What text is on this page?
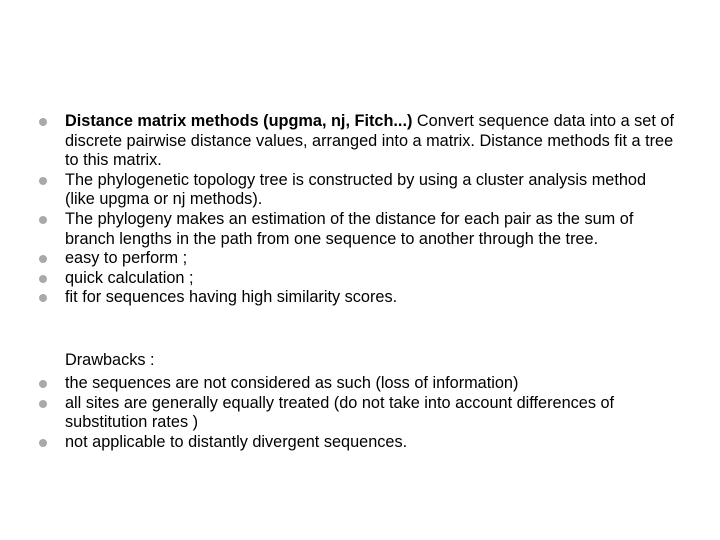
Distance matrix methods (upgma, nj, Fitch...) Convert sequence data into a set of discrete pairwise distance values, arranged into a matrix. Distance methods fit a tree to this matrix.
The phylogenetic topology tree is constructed by using a cluster analysis method (like upgma or nj methods).
The phylogeny makes an estimation of the distance for each pair as the sum of branch lengths in the path from one sequence to another through the tree.
easy to perform ;
quick calculation ;
fit for sequences having high similarity scores.

Drawbacks :

the sequences are not considered as such (loss of information)
all sites are generally equally treated (do not take into account differences of substitution rates )
not applicable to distantly divergent sequences.
